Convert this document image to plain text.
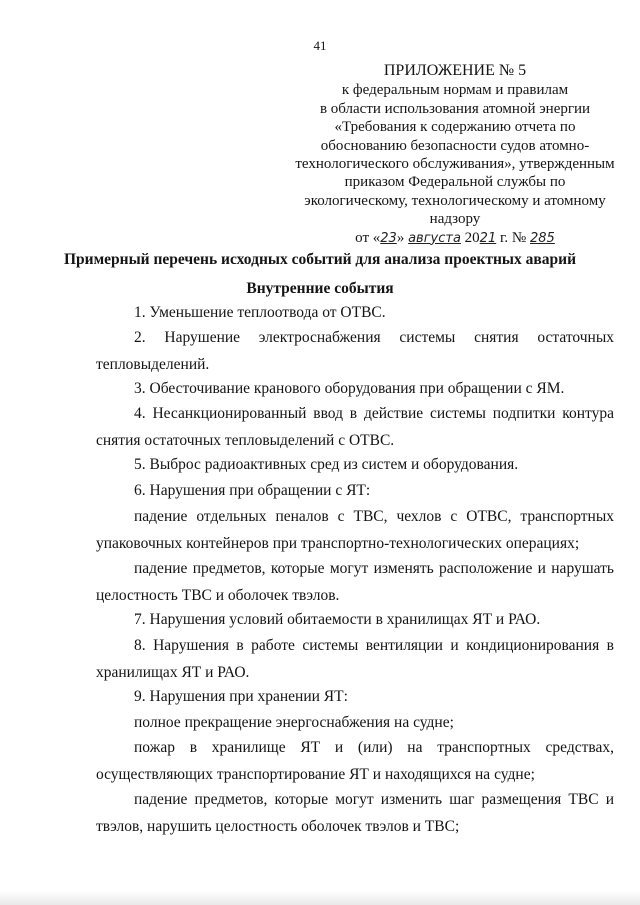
41
ПРИЛОЖЕНИЕ № 5
к федеральным нормам и правилам
в области использования атомной энергии
«Требования к содержанию отчета по
обоснованию безопасности судов атомно-
технологического обслуживания», утвержденным
приказом Федеральной службы по
экологическому, технологическому и атомному
надзору
от «23» августа 2021 г. № 285
Примерный перечень исходных событий для анализа проектных аварий
Внутренние события

1. Уменьшение теплоотвода от ОТВС.

2. Нарушение электроснабжения системы снятия остаточных тепловыделений.

3. Обесточивание кранового оборудования при обращении с ЯМ.

4. Несанкционированный ввод в действие системы подпитки контура снятия остаточных тепловыделений с ОТВС.

5. Выброс радиоактивных сред из систем и оборудования.

6. Нарушения при обращении с ЯТ:

падение отдельных пеналов с ТВС, чехлов с ОТВС, транспортных упаковочных контейнеров при транспортно-технологических операциях;

падение предметов, которые могут изменять расположение и нарушать целостность ТВС и оболочек твэлов.

7. Нарушения условий обитаемости в хранилищах ЯТ и РАО.

8. Нарушения в работе системы вентиляции и кондиционирования в хранилищах ЯТ и РАО.

9. Нарушения при хранении ЯТ:

полное прекращение энергоснабжения на судне;

пожар в хранилище ЯТ и (или) на транспортных средствах, осуществляющих транспортирование ЯТ и находящихся на судне;

падение предметов, которые могут изменить шаг размещения ТВС и твэлов, нарушить целостность оболочек твэлов и ТВС;
